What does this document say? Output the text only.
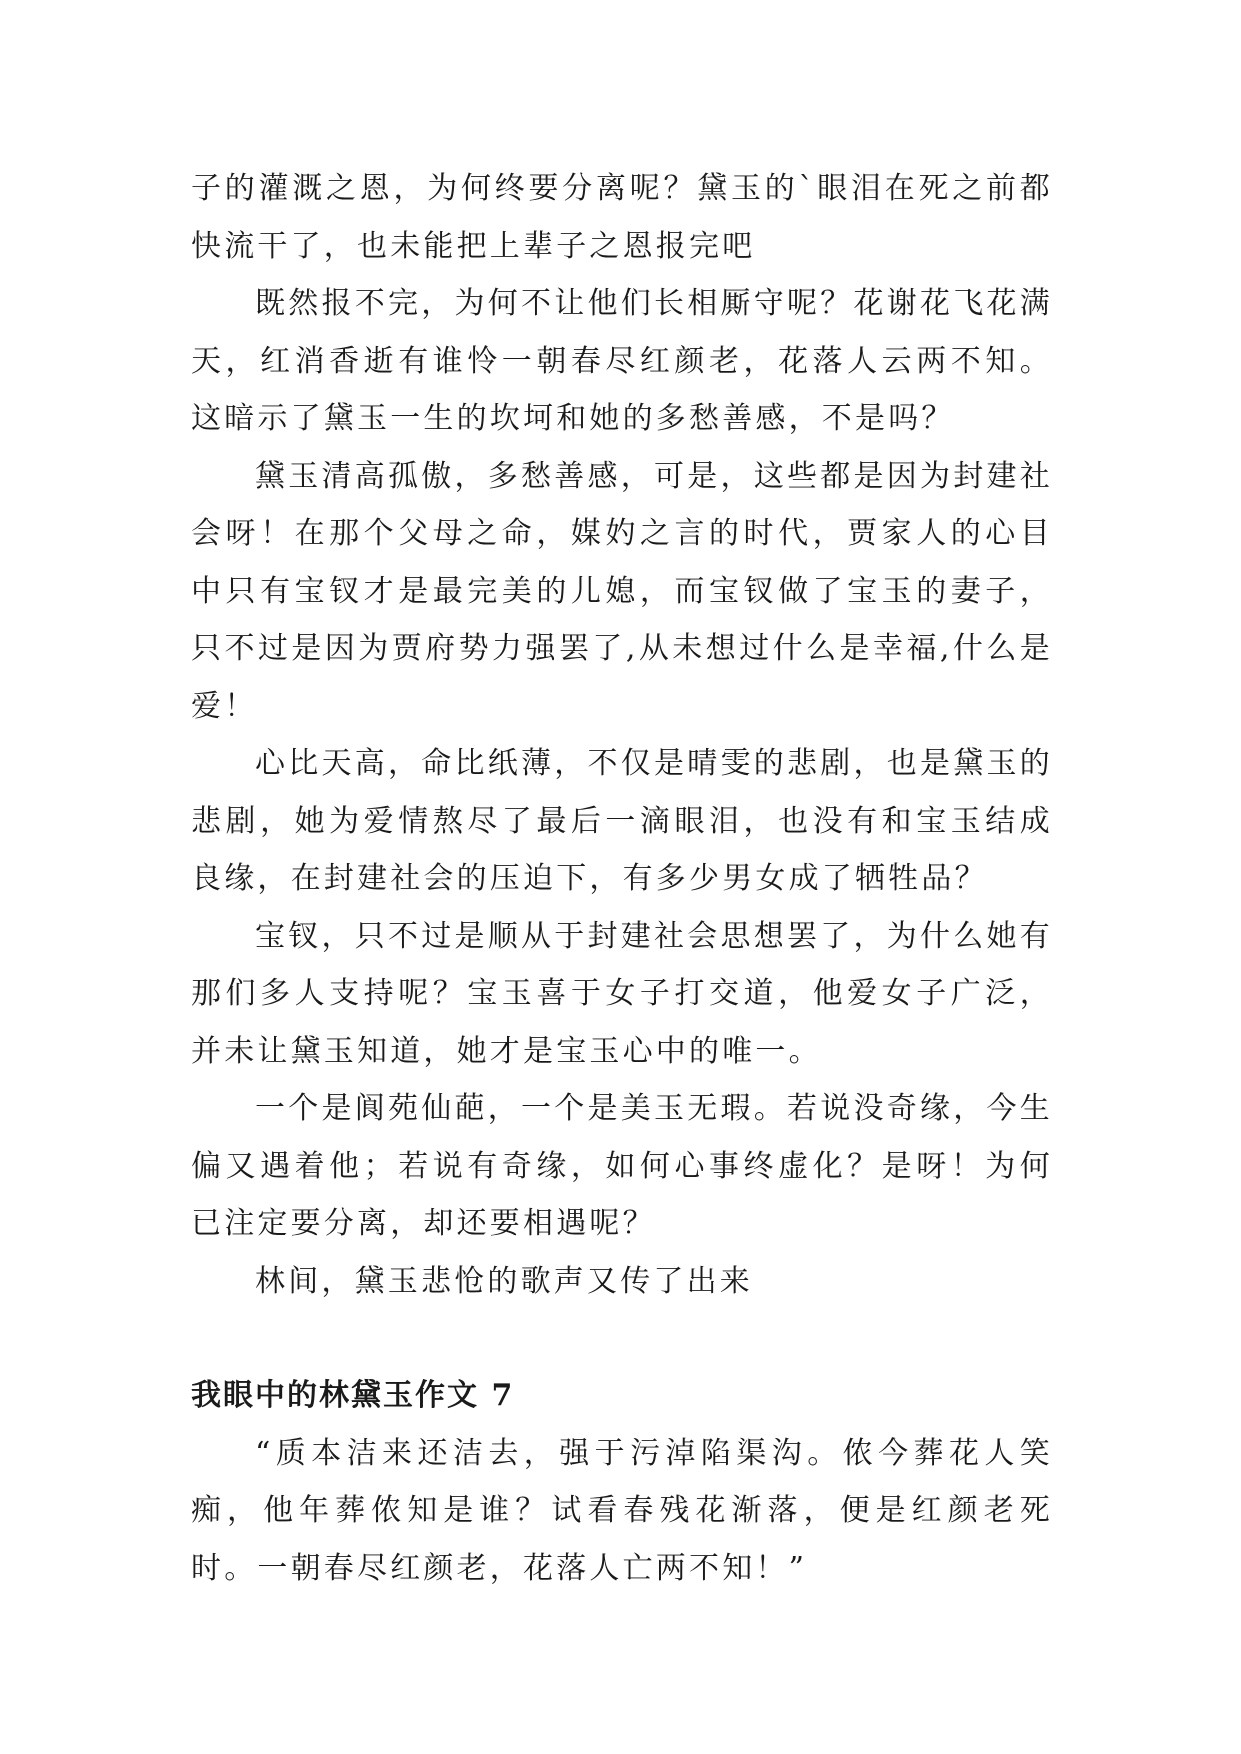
子的灌溉之恩，为何终要分离呢？黛玉的`眼泪在死之前都快流干了，也未能把上辈子之恩报完吧

既然报不完，为何不让他们长相厮守呢？花谢花飞花满天，红消香逝有谁怜一朝春尽红颜老，花落人云两不知。这暗示了黛玉一生的坎坷和她的多愁善感，不是吗？

黛玉清高孤傲，多愁善感，可是，这些都是因为封建社会呀！在那个父母之命，媒妁之言的时代，贾家人的心目中只有宝钗才是最完美的儿媳，而宝钗做了宝玉的妻子，只不过是因为贾府势力强罢了,从未想过什么是幸福,什么是爱！

心比天高，命比纸薄，不仅是晴雯的悲剧，也是黛玉的悲剧，她为爱情熬尽了最后一滴眼泪，也没有和宝玉结成良缘，在封建社会的压迫下，有多少男女成了牺牲品？

宝钗，只不过是顺从于封建社会思想罢了，为什么她有那们多人支持呢？宝玉喜于女子打交道，他爱女子广泛，并未让黛玉知道，她才是宝玉心中的唯一。

一个是阆苑仙葩，一个是美玉无瑕。若说没奇缘，今生偏又遇着他；若说有奇缘，如何心事终虚化？是呀！为何已注定要分离，却还要相遇呢？

林间，黛玉悲怆的歌声又传了出来

我眼中的林黛玉作文 7

“质本洁来还洁去，强于污淖陷渠沟。侬今葬花人笑痴，他年葬侬知是谁？试看春残花渐落，便是红颜老死时。一朝春尽红颜老，花落人亡两不知！”
